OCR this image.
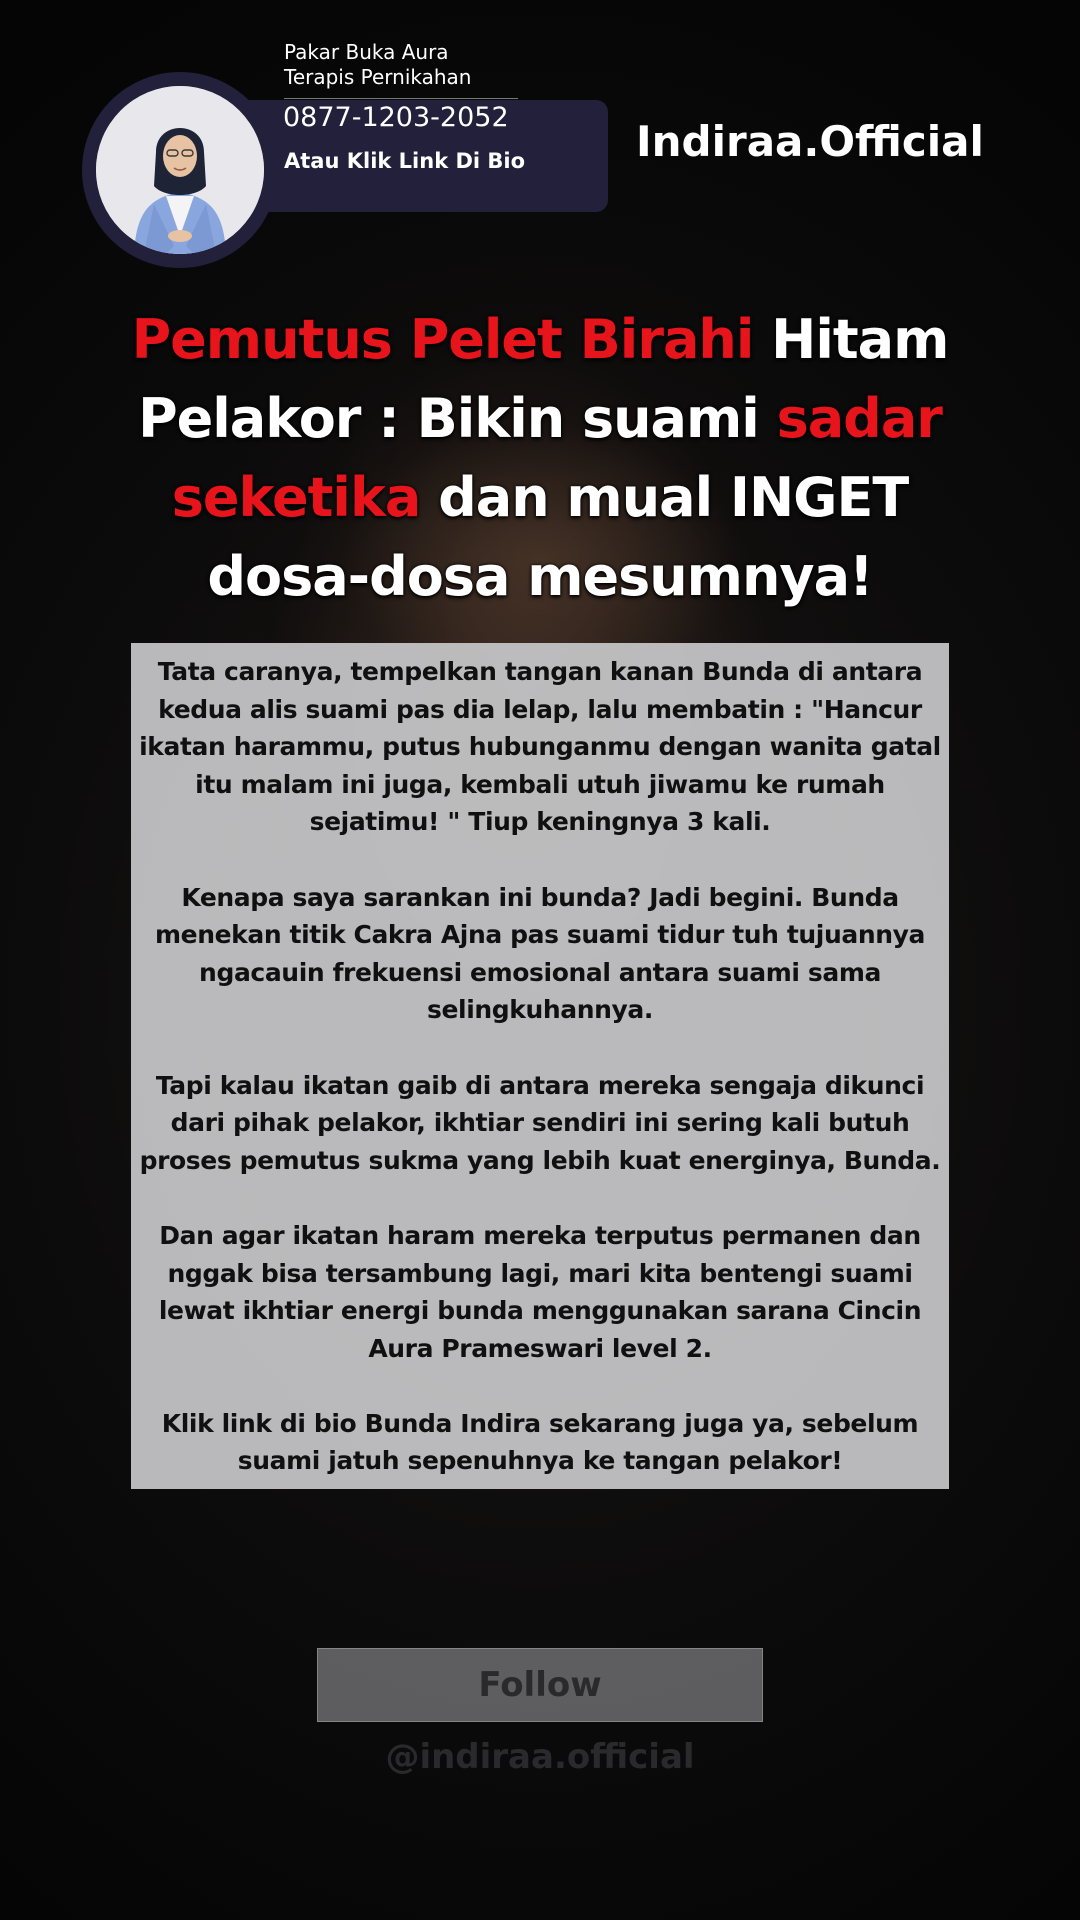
Pakar Buka Aura
Terapis Pernikahan

0877-1203-2052

Atau Klik Link Di Bio	Indiraa.Official

Pemutus Pelet Birahi Hitam Pelakor : Bikin suami sadar seketika dan mual INGET dosa-dosa mesumnya!

Tata caranya, tempelkan tangan kanan Bunda di antara kedua alis suami pas dia lelap, lalu membatin : "Hancur ikatan harammu, putus hubunganmu dengan wanita gatal itu malam ini juga, kembali utuh jiwamu ke rumah sejatimu! " Tiup keningnya 3 kali.

Kenapa saya sarankan ini bunda? Jadi begini. Bunda menekan titik Cakra Ajna pas suami tidur tuh tujuannya ngacauin frekuensi emosional antara suami sama selingkuhannya.

Tapi kalau ikatan gaib di antara mereka sengaja dikunci dari pihak pelakor, ikhtiar sendiri ini sering kali butuh proses pemutus sukma yang lebih kuat energinya, Bunda.

Dan agar ikatan haram mereka terputus permanen dan nggak bisa tersambung lagi, mari kita bentengi suami lewat ikhtiar energi bunda menggunakan sarana Cincin Aura Prameswari level 2.

Klik link di bio Bunda Indira sekarang juga ya, sebelum suami jatuh sepenuhnya ke tangan pelakor!

Follow @indiraa.official
